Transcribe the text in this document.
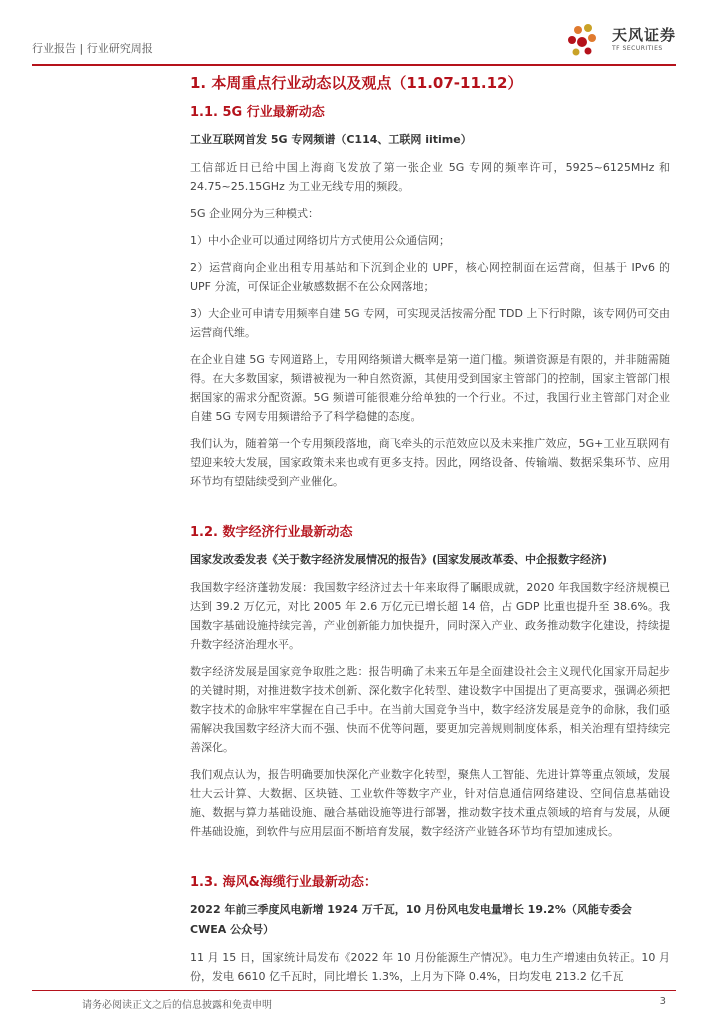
行业报告 | 行业研究周报
天风证券
TF SECURITIES
1. 本周重点行业动态以及观点（11.07-11.12）
1.1. 5G 行业最新动态
工业互联网首发 5G 专网频谱（C114、工联网 iitime）

工信部近日已给中国上海商飞发放了第一张企业 5G 专网的频率许可，5925~6125MHz 和 24.75~25.15GHz 为工业无线专用的频段。

5G 企业网分为三种模式：

1）中小企业可以通过网络切片方式使用公众通信网；

2）运营商向企业出租专用基站和下沉到企业的 UPF，核心网控制面在运营商，但基于 IPv6 的 UPF 分流，可保证企业敏感数据不在公众网落地；

3）大企业可申请专用频率自建 5G 专网，可实现灵活按需分配 TDD 上下行时隙，该专网仍可交由运营商代维。

在企业自建 5G 专网道路上，专用网络频谱大概率是第一道门槛。频谱资源是有限的，并非随需随得。在大多数国家，频谱被视为一种自然资源，其使用受到国家主管部门的控制，国家主管部门根据国家的需求分配资源。5G 频谱可能很难分给单独的一个行业。不过，我国行业主管部门对企业自建 5G 专网专用频谱给予了科学稳健的态度。

我们认为，随着第一个专用频段落地，商飞牵头的示范效应以及未来推广效应，5G+工业互联网有望迎来较大发展，国家政策未来也或有更多支持。因此，网络设备、传输端、数据采集环节、应用环节均有望陆续受到产业催化。

1.2. 数字经济行业最新动态
国家发改委发表《关于数字经济发展情况的报告》(国家发展改革委、中企报数字经济)

我国数字经济蓬勃发展：我国数字经济过去十年来取得了瞩眼成就，2020 年我国数字经济规模已达到 39.2 万亿元，对比 2005 年 2.6 万亿元已增长超 14 倍，占 GDP 比重也提升至 38.6%。我国数字基础设施持续完善，产业创新能力加快提升，同时深入产业、政务推动数字化建设，持续提升数字经济治理水平。

数字经济发展是国家竞争取胜之匙：报告明确了未来五年是全面建设社会主义现代化国家开局起步的关键时期，对推进数字技术创新、深化数字化转型、建设数字中国提出了更高要求，强调必须把数字技术的命脉牢牢掌握在自己手中。在当前大国竞争当中，数字经济发展是竞争的命脉，我们亟需解决我国数字经济大而不强、快而不优等问题，要更加完善规则制度体系，相关治理有望持续完善深化。

我们观点认为，报告明确要加快深化产业数字化转型，聚焦人工智能、先进计算等重点领域，发展壮大云计算、大数据、区块链、工业软件等数字产业，针对信息通信网络建设、空间信息基础设施、数据与算力基础设施、融合基础设施等进行部署，推动数字技术重点领域的培育与发展，从硬件基础设施，到软件与应用层面不断培育发展，数字经济产业链各环节均有望加速成长。

1.3. 海风&海缆行业最新动态：
2022 年前三季度风电新增 1924 万千瓦，10 月份风电发电量增长 19.2%（风能专委会 CWEA 公众号）

11 月 15 日，国家统计局发布《2022 年 10 月份能源生产情况》。电力生产增速由负转正。10 月份，发电 6610 亿千瓦时，同比增长 1.3%，上月为下降 0.4%，日均发电 213.2 亿千瓦

请务必阅读正文之后的信息披露和免责申明	3
